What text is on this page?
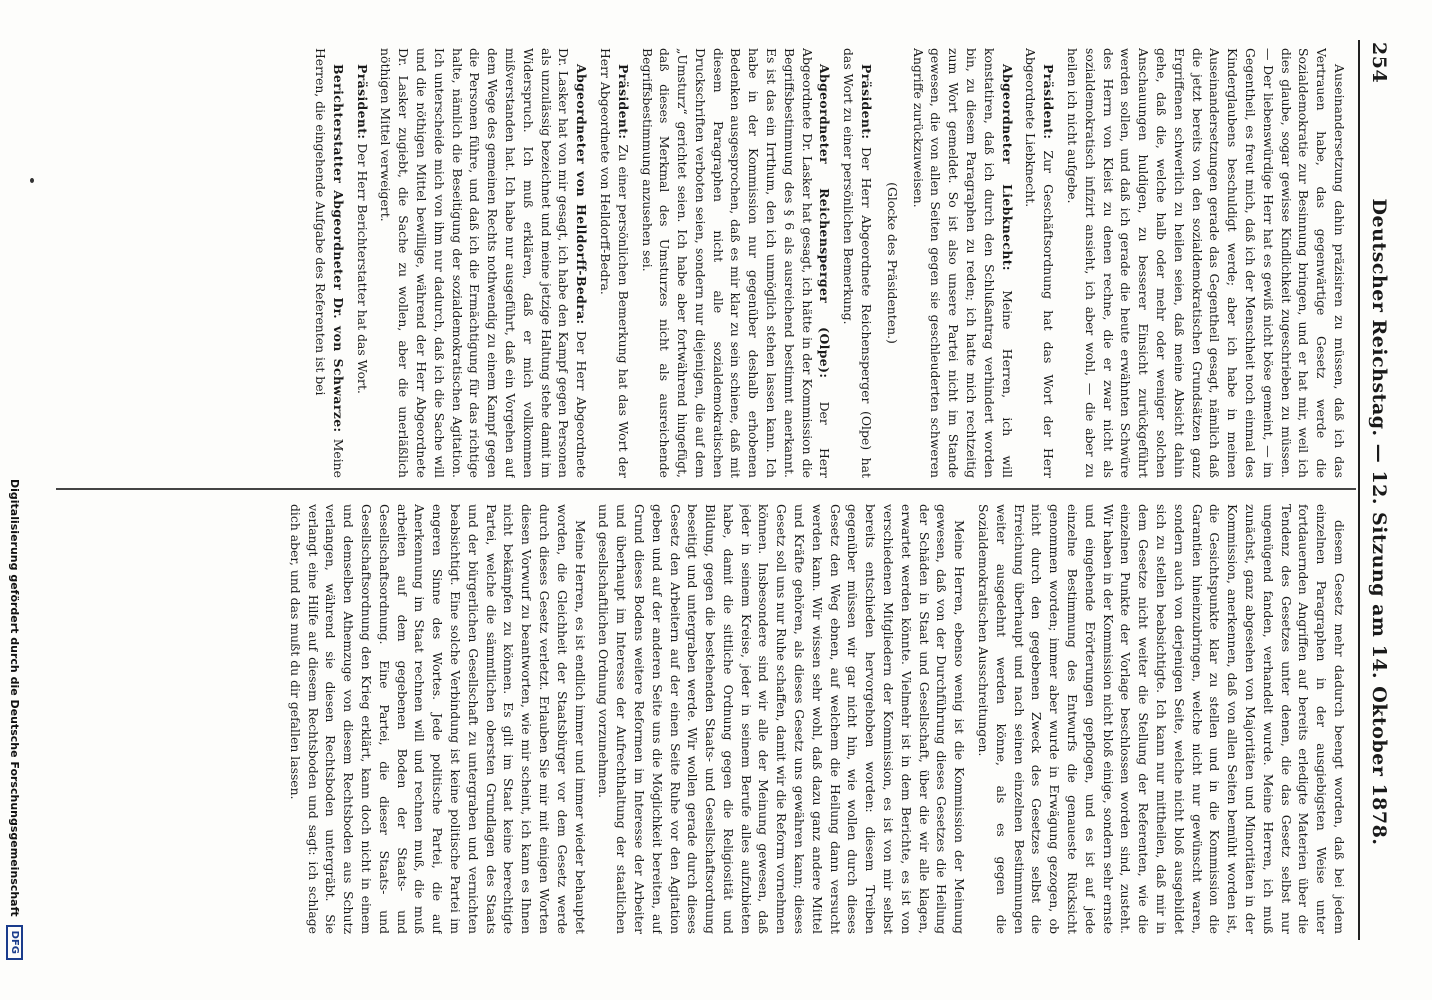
254
Deutscher Reichstag. — 12. Sitzung am 14. Oktober 1878.

Auseinandersetzung dahin präzisiren zu müssen, daß ich das Vertrauen habe, das gegenwärtige Gesetz werde die Sozialdemokratie zur Besinnung bringen, und er hat mir, weil ich dies glaube, sogar gewisse Kindlichkeit zugeschrieben zu müssen. — Der liebenswürdige Herr hat es gewiß nicht böse gemeint, — im Gegentheil, es freut mich, daß ich der Menschheit noch einmal des Kinderglaubens beschuldigt werde; aber ich habe in meinen Auseinandersetzungen gerade das Gegentheil gesagt, nämlich daß die jetzt bereits von den sozialdemokratischen Grundsätzen ganz Ergriffenen schwerlich zu heilen seien, daß meine Absicht dahin gehe, daß die, welche halb oder mehr oder weniger solchen Anschauungen huldigen, zu besserer Einsicht zurückgeführt werden sollen, und daß ich gerade die heute erwähnten Schwüre des Herrn von Kleist zu denen rechne, die er zwar nicht als sozialdemokratisch infizirt ansieht, ich aber wohl, — die aber zu heilen ich nicht aufgebe.

Präsident: Zur Geschäftsordnung hat das Wort der Herr Abgeordnete Liebknecht.

Abgeordneter Liebknecht: Meine Herren, ich will konstatiren, daß ich durch den Schlußantrag verhindert worden bin, zu diesem Paragraphen zu reden; ich hatte mich rechtzeitig zum Wort gemeldet. So ist also unsere Partei nicht im Stande gewesen, die von allen Seiten gegen sie geschleuderten schweren Angriffe zurückzuweisen.

(Glocke des Präsidenten.)

Präsident: Der Herr Abgeordnete Reichensperger (Olpe) hat das Wort zu einer persönlichen Bemerkung.

Abgeordneter Reichensperger (Olpe): Der Herr Abgeordnete Dr. Lasker hat gesagt, ich hätte in der Kommission die Begriffsbestimmung des § 6 als ausreichend bestimmt anerkannt. Es ist das ein Irrthum, den ich unmöglich stehen lassen kann. Ich habe in der Kommission nur gegenüber deshalb erhobenen Bedenken ausgesprochen, daß es mir klar zu sein schiene, daß mit diesem Paragraphen nicht alle sozialdemokratischen Druckschriften verboten seien, sondern nur diejenigen, die auf dem „Umsturz“ gerichtet seien. Ich habe aber fortwährend hingefügt, daß dieses Merkmal des Umsturzes nicht als ausreichende Begriffsbestimmung anzusehen sei.

Präsident: Zu einer persönlichen Bemerkung hat das Wort der Herr Abgeordnete von Helldorff-Bedra.

Abgeordneter von Helldorff-Bedra: Der Herr Abgeordnete Dr. Lasker hat von mir gesagt, ich habe den Kampf gegen Personen als unzulässig bezeichnet und meine jetzige Haltung stehe damit im Widerspruch. Ich muß erklären, daß er mich vollkommen mißverstanden hat. Ich habe nur ausgeführt, daß ein Vorgehen auf dem Wege des gemeinen Rechts nothwendig zu einem Kampf gegen die Personen führe, und daß ich die Ermächtigung für das richtige halte, nämlich die Beseitigung der sozialdemokratischen Agitation. Ich unterscheide mich von ihm nur dadurch, daß ich die Sache will und die nöthigen Mittel bewillige, während der Herr Abgeordnete Dr. Lasker zugiebt, die Sache zu wollen, aber die unerläßlich nöthigen Mittel verweigert.

Präsident: Der Herr Berichterstatter hat das Wort.

Berichterstatter Abgeordneter Dr. von Schwarze: Meine Herren, die eingehende Aufgabe des Referenten ist bei

diesem Gesetz mehr dadurch beengt worden, daß bei jedem einzelnen Paragraphen in der ausgiebigsten Weise unter fortdauernden Angriffen auf bereits erledigte Materien über die Tendenz des Gesetzes unter denen, die das Gesetz selbst nur ungenügend fanden, verhandelt wurde. Meine Herren, ich muß zunächst, ganz abgesehen von Majoritäten und Minoritäten in der Kommission, anerkennen, daß von allen Seiten bemüht worden ist, die Gesichtspunkte klar zu stellen und in die Kommission die Garantien hineinzubringen, welche nicht nur gewünscht waren, sondern auch von derjenigen Seite, welche nicht bloß ausgebildet sich zu stellen beabsichtigte. Ich kann nur mittheilen, daß mir in dem Gesetze nicht weiter die Stellung der Referenten, wie die einzelnen Punkte der Vorlage beschlossen worden sind, zusteht. Wir haben in der Kommission nicht bloß einige, sondern sehr ernste und eingehende Erörterungen gepflogen, und es ist auf jede einzelne Bestimmung des Entwurfs die genaueste Rücksicht genommen worden; immer aber wurde in Erwägung gezogen, ob nicht durch den gegebenen Zweck des Gesetzes selbst die Erreichung überhaupt und nach seinen einzelnen Bestimmungen weiter ausgedehnt werden könne, als es gegen die Sozialdemokratischen Ausschreitungen.

Meine Herren, ebenso wenig ist die Kommission der Meinung gewesen, daß von der Durchführung dieses Gesetzes die Heilung der Schäden in Staat und Gesellschaft, über die wir alle klagen, erwartet werden könnte. Vielmehr ist in dem Berichte, es ist von verschiedenen Mitgliedern der Kommission, es ist von mir selbst bereits entschieden hervorgehoben worden: diesem Treiben gegenüber müssen wir gar nicht hin, wie wollen durch dieses Gesetz den Weg ebnen, auf welchem die Heilung dann versucht werden kann. Wir wissen sehr wohl, daß dazu ganz andere Mittel und Kräfte gehören, als dieses Gesetz uns gewähren kann; dieses Gesetz soll uns nur Ruhe schaffen, damit wir die Reform vornehmen können. Insbesondere sind wir alle der Meinung gewesen, daß jeder in seinem Kreise, jeder in seinem Berufe alles aufzubieten habe, damit die sittliche Ordnung gegen die Religiosität und Bildung, gegen die bestehenden Staats- und Gesellschaftsordnung beseitigt und untergraben werde. Wir wollen gerade durch dieses Gesetz den Arbeitern auf der einen Seite Ruhe vor den Agitation geben und auf der anderen Seite uns die Möglichkeit bereiten, auf Grund dieses Bodens weitere Reformen im Interesse der Arbeiter und überhaupt im Interesse der Aufrechthaltung der staatlichen und gesellschaftlichen Ordnung vorzunehmen.

Meine Herren, es ist endlich immer und immer wieder behauptet worden, die Gleichheit der Staatsbürger vor dem Gesetz werde durch dieses Gesetz verletzt. Erlauben Sie mir mit einigen Worten diesen Vorwurf zu beantworten, wie mir scheint, ich kann es Ihnen nicht bekämpfen zu können. Es gilt im Staat keine berechtigte Partei, welche die sämmtlichen obersten Grundlagen des Staats und der bürgerlichen Gesellschaft zu untergraben und vernichten beabsichtigt. Eine solche Verbindung ist keine politische Partei im engeren Sinne des Wortes. Jede politische Partei, die auf Anerkennung im Staat rechnen will und rechnen muß, die muß arbeiten auf dem gegebenen Boden der Staats- und Gesellschaftsordnung. Eine Partei, die dieser Staats- und Gesellschaftsordnung den Krieg erklärt, kann doch nicht in einem und demselben Athemzuge von diesem Rechtsboden aus Schutz verlangen, während sie diesen Rechtsboden untergräbt. Sie verlangt eine Hilfe auf diesem Rechtsboden und sagt: ich schlage dich aber, und das mußt du dir gefallen lassen.

Digitalisierung gefördert durch die Deutsche Forschungsgemeinschaft
DFG
